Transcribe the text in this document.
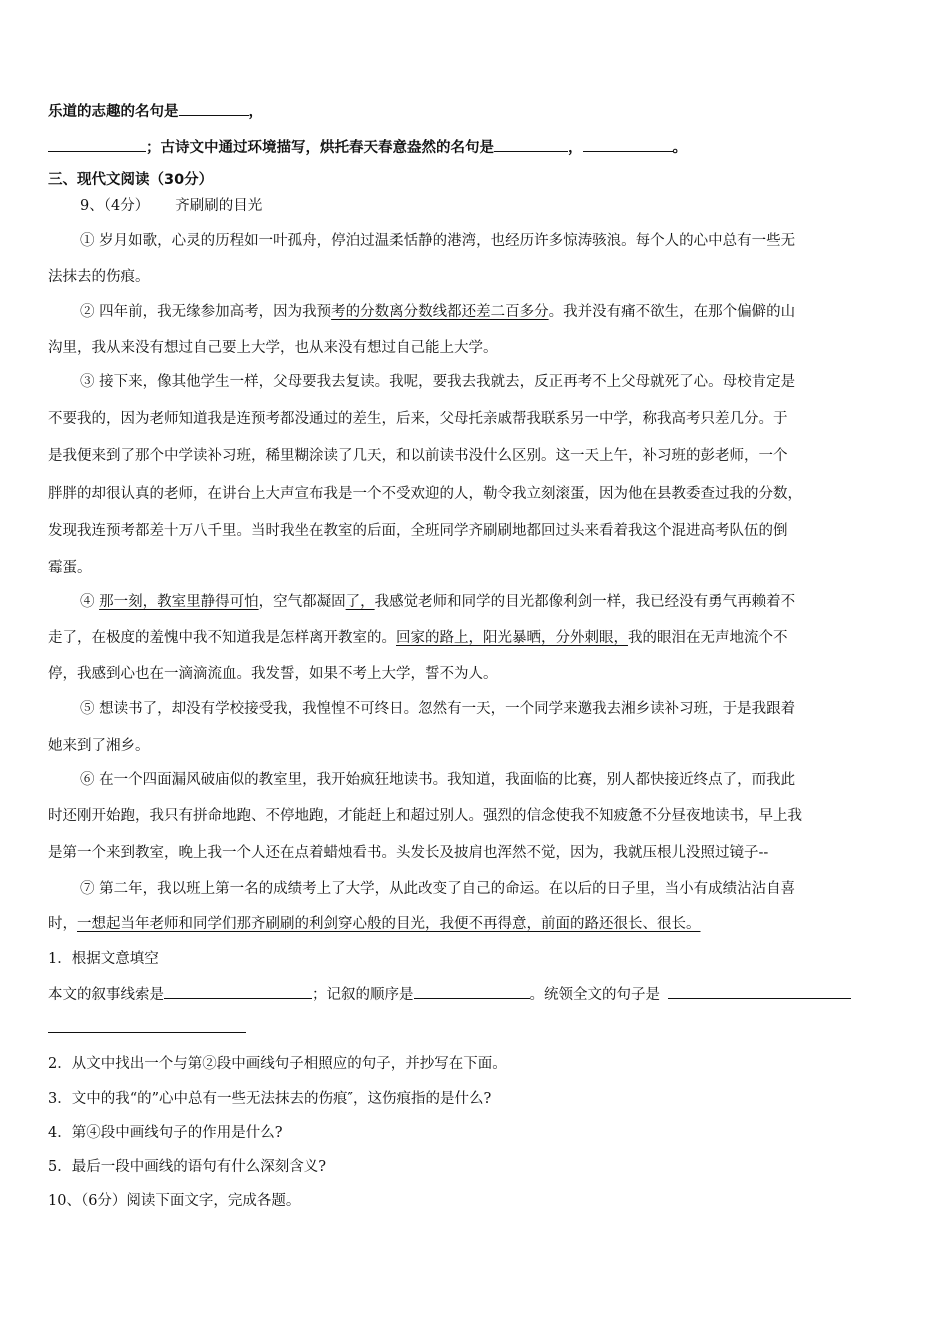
乐道的志趣的名句是	，
；古诗文中通过环境描写，烘托春天春意盎然的名句是	，	。
三、现代文阅读（30分）
9、（4分） 齐刷刷的目光
① 岁月如歌，心灵的历程如一叶孤舟，停泊过温柔恬静的港湾，也经历许多惊涛骇浪。每个人的心中总有一些无
法抹去的伤痕。
② 四年前，我无缘参加高考，因为我预考的分数离分数线都还差二百多分。我并没有痛不欲生，在那个偏僻的山
沟里，我从来没有想过自己要上大学，也从来没有想过自己能上大学。
③ 接下来，像其他学生一样，父母要我去复读。我呢，要我去我就去，反正再考不上父母就死了心。母校肯定是
不要我的，因为老师知道我是连预考都没通过的差生，后来，父母托亲戚帮我联系另一中学，称我高考只差几分。于
是我便来到了那个中学读补习班，稀里糊涂读了几天，和以前读书没什么区别。这一天上午，补习班的彭老师，一个
胖胖的却很认真的老师，在讲台上大声宣布我是一个不受欢迎的人，勒令我立刻滚蛋，因为他在县教委查过我的分数，
发现我连预考都差十万八千里。当时我坐在教室的后面，全班同学齐刷刷地都回过头来看着我这个混进高考队伍的倒
霉蛋。
④ 那一刻，教室里静得可怕，空气都凝固了，我感觉老师和同学的目光都像利剑一样，我已经没有勇气再赖着不
走了，在极度的羞愧中我不知道我是怎样离开教室的。回家的路上，阳光暴晒，分外刺眼，我的眼泪在无声地流个不
停，我感到心也在一滴滴流血。我发誓，如果不考上大学，誓不为人。
⑤ 想读书了，却没有学校接受我，我惶惶不可终日。忽然有一天，一个同学来邀我去湘乡读补习班，于是我跟着
她来到了湘乡。
⑥ 在一个四面漏风破庙似的教室里，我开始疯狂地读书。我知道，我面临的比赛，别人都快接近终点了，而我此
时还刚开始跑，我只有拼命地跑、不停地跑，才能赶上和超过别人。强烈的信念使我不知疲惫不分昼夜地读书，早上我
是第一个来到教室，晚上我一个人还在点着蜡烛看书。头发长及披肩也浑然不觉，因为，我就压根儿没照过镜子--
⑦ 第二年，我以班上第一名的成绩考上了大学，从此改变了自己的命运。在以后的日子里，当小有成绩沾沾自喜
时，一想起当年老师和同学们那齐刷刷的利剑穿心般的目光，我便不再得意，前面的路还很长、很长。
1．根据文意填空
本文的叙事线索是	；记叙的顺序是	。统领全文的句子是
2．从文中找出一个与第②段中画线句子相照应的句子，并抄写在下面。
3．文中的我“的”心中总有一些无法抹去的伤痕″，这伤痕指的是什么?
4．第④段中画线句子的作用是什么?
5．最后一段中画线的语句有什么深刻含义?
10、（6分）阅读下面文字，完成各题。
